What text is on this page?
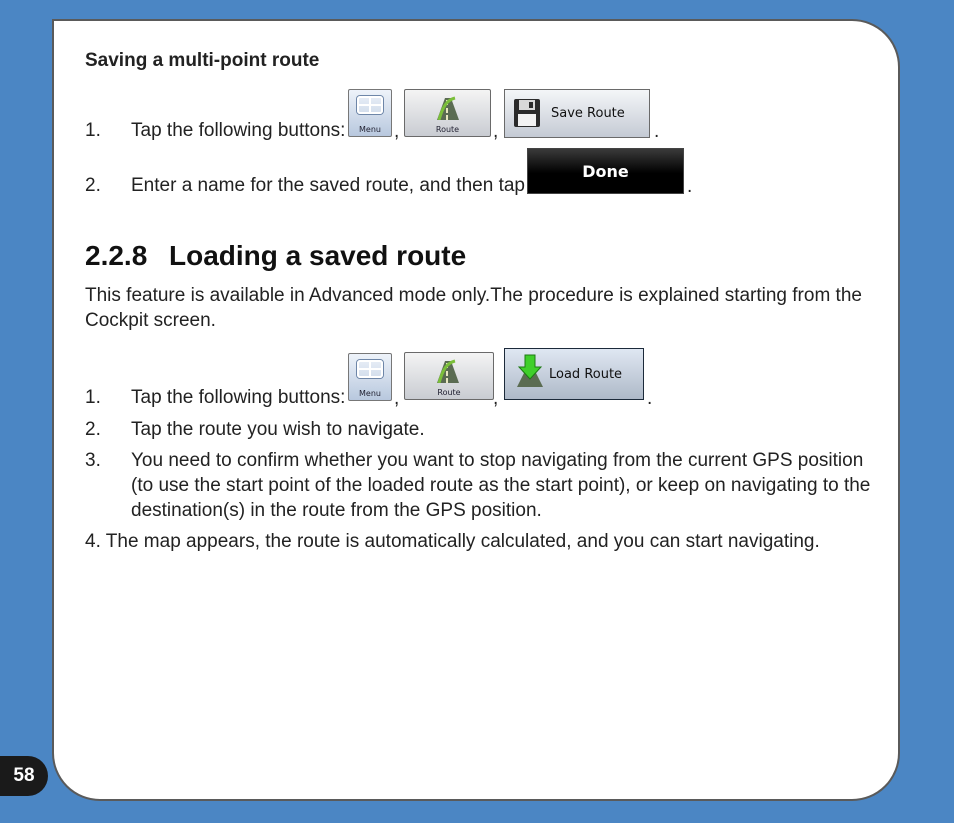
Saving a multi-point route
1. Tap the following buttons:	Menu ,	Route	,
Save Route
.
2. Enter a name for the saved route, and then tap
Done
.
2.2.8 Loading a saved route
This feature is available in Advanced mode only.The procedure is explained starting from the Cockpit screen.
1. Tap the following buttons:	Menu ,	Route	,
Load Route
.
2. Tap the route you wish to navigate.
3. You need to confirm whether you want to stop navigating from the current GPS position (to use the start point of the loaded route as the start point), or keep on navigating to the destination(s) in the route from the GPS position.
4. The map appears, the route is automatically calculated, and you can start navigating.
58
